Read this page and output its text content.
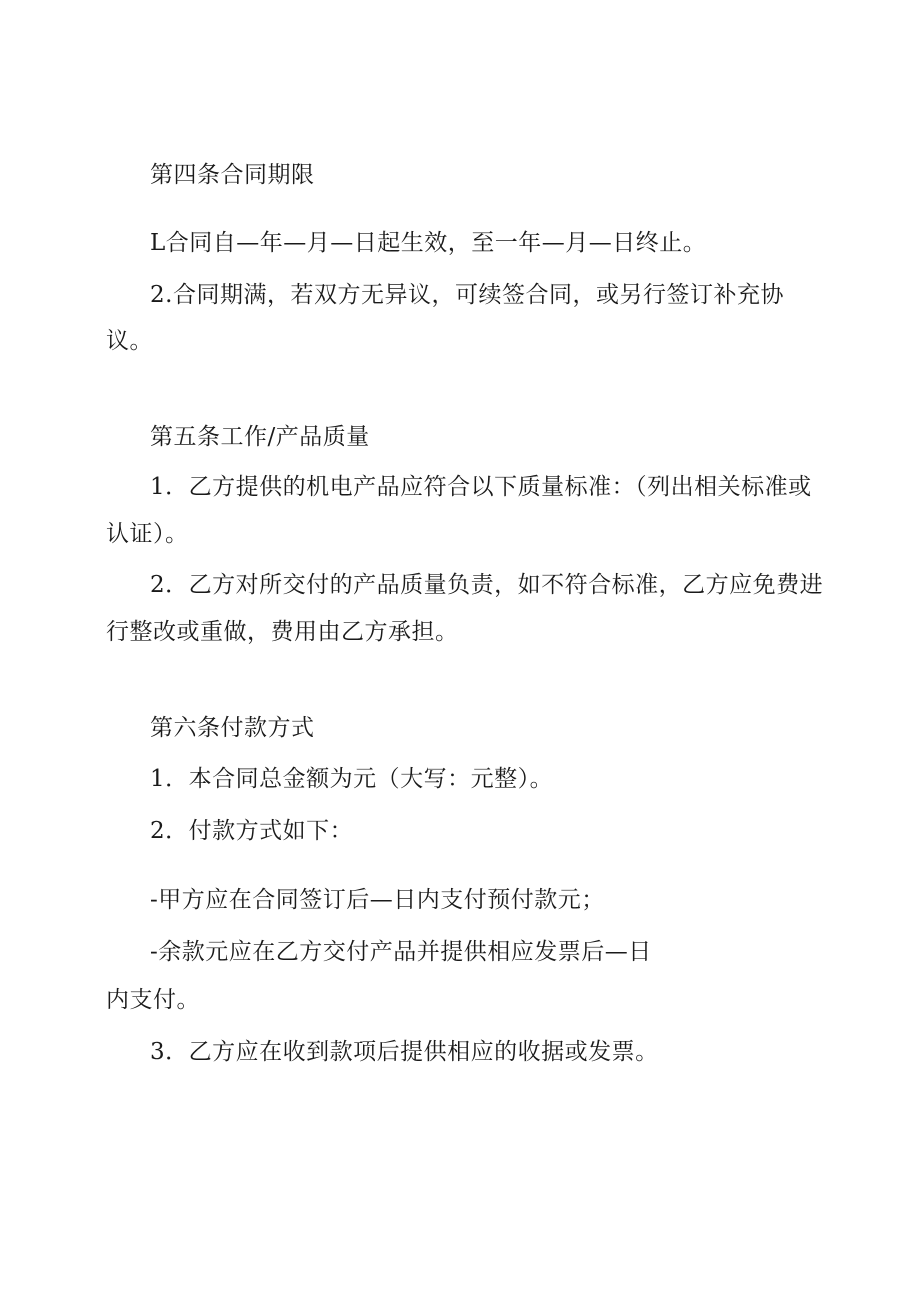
第四条合同期限
L合同自—年—月—日起生效，至一年—月—日终止。
2.合同期满，若双方无异议，可续签合同，或另行签订补充协
议。
第五条工作/产品质量
1．乙方提供的机电产品应符合以下质量标准：（列出相关标准或
认证）。
2．乙方对所交付的产品质量负责，如不符合标准，乙方应免费进
行整改或重做，费用由乙方承担。
第六条付款方式
1．本合同总金额为元（大写：元整）。
2．付款方式如下：
-甲方应在合同签订后—日内支付预付款元；
-余款元应在乙方交付产品并提供相应发票后—日
内支付。
3．乙方应在收到款项后提供相应的收据或发票。
